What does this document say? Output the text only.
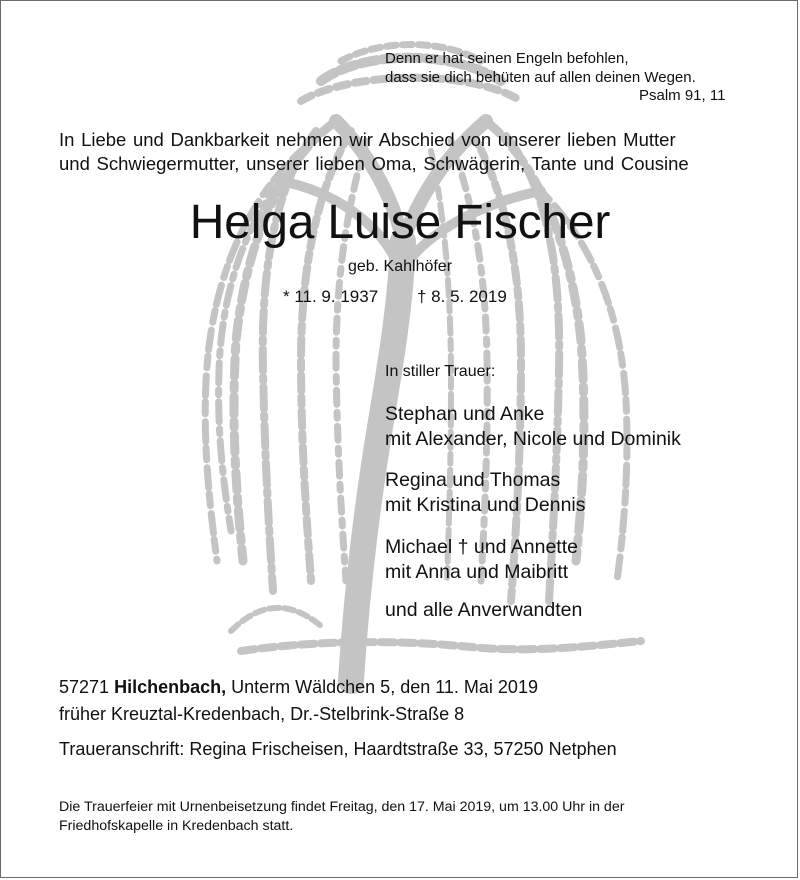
Denn er hat seinen Engeln befohlen,
dass sie dich behüten auf allen deinen Wegen.
Psalm 91, 11
In Liebe und Dankbarkeit nehmen wir Abschied von unserer lieben Mutter
und Schwiegermutter, unserer lieben Oma, Schwägerin, Tante und Cousine
Helga Luise Fischer
geb. Kahlhöfer
* 11. 9. 1937 † 8. 5. 2019
In stiller Trauer:
Stephan und Anke
mit Alexander, Nicole und Dominik
Regina und Thomas
mit Kristina und Dennis
Michael † und Annette
mit Anna und Maibritt
und alle Anverwandten
57271 Hilchenbach, Unterm Wäldchen 5, den 11. Mai 2019
früher Kreuztal-Kredenbach, Dr.-Stelbrink-Straße 8
Traueranschrift: Regina Frischeisen, Haardtstraße 33, 57250 Netphen
Die Trauerfeier mit Urnenbeisetzung findet Freitag, den 17. Mai 2019, um 13.00 Uhr in der
Friedhofskapelle in Kredenbach statt.
